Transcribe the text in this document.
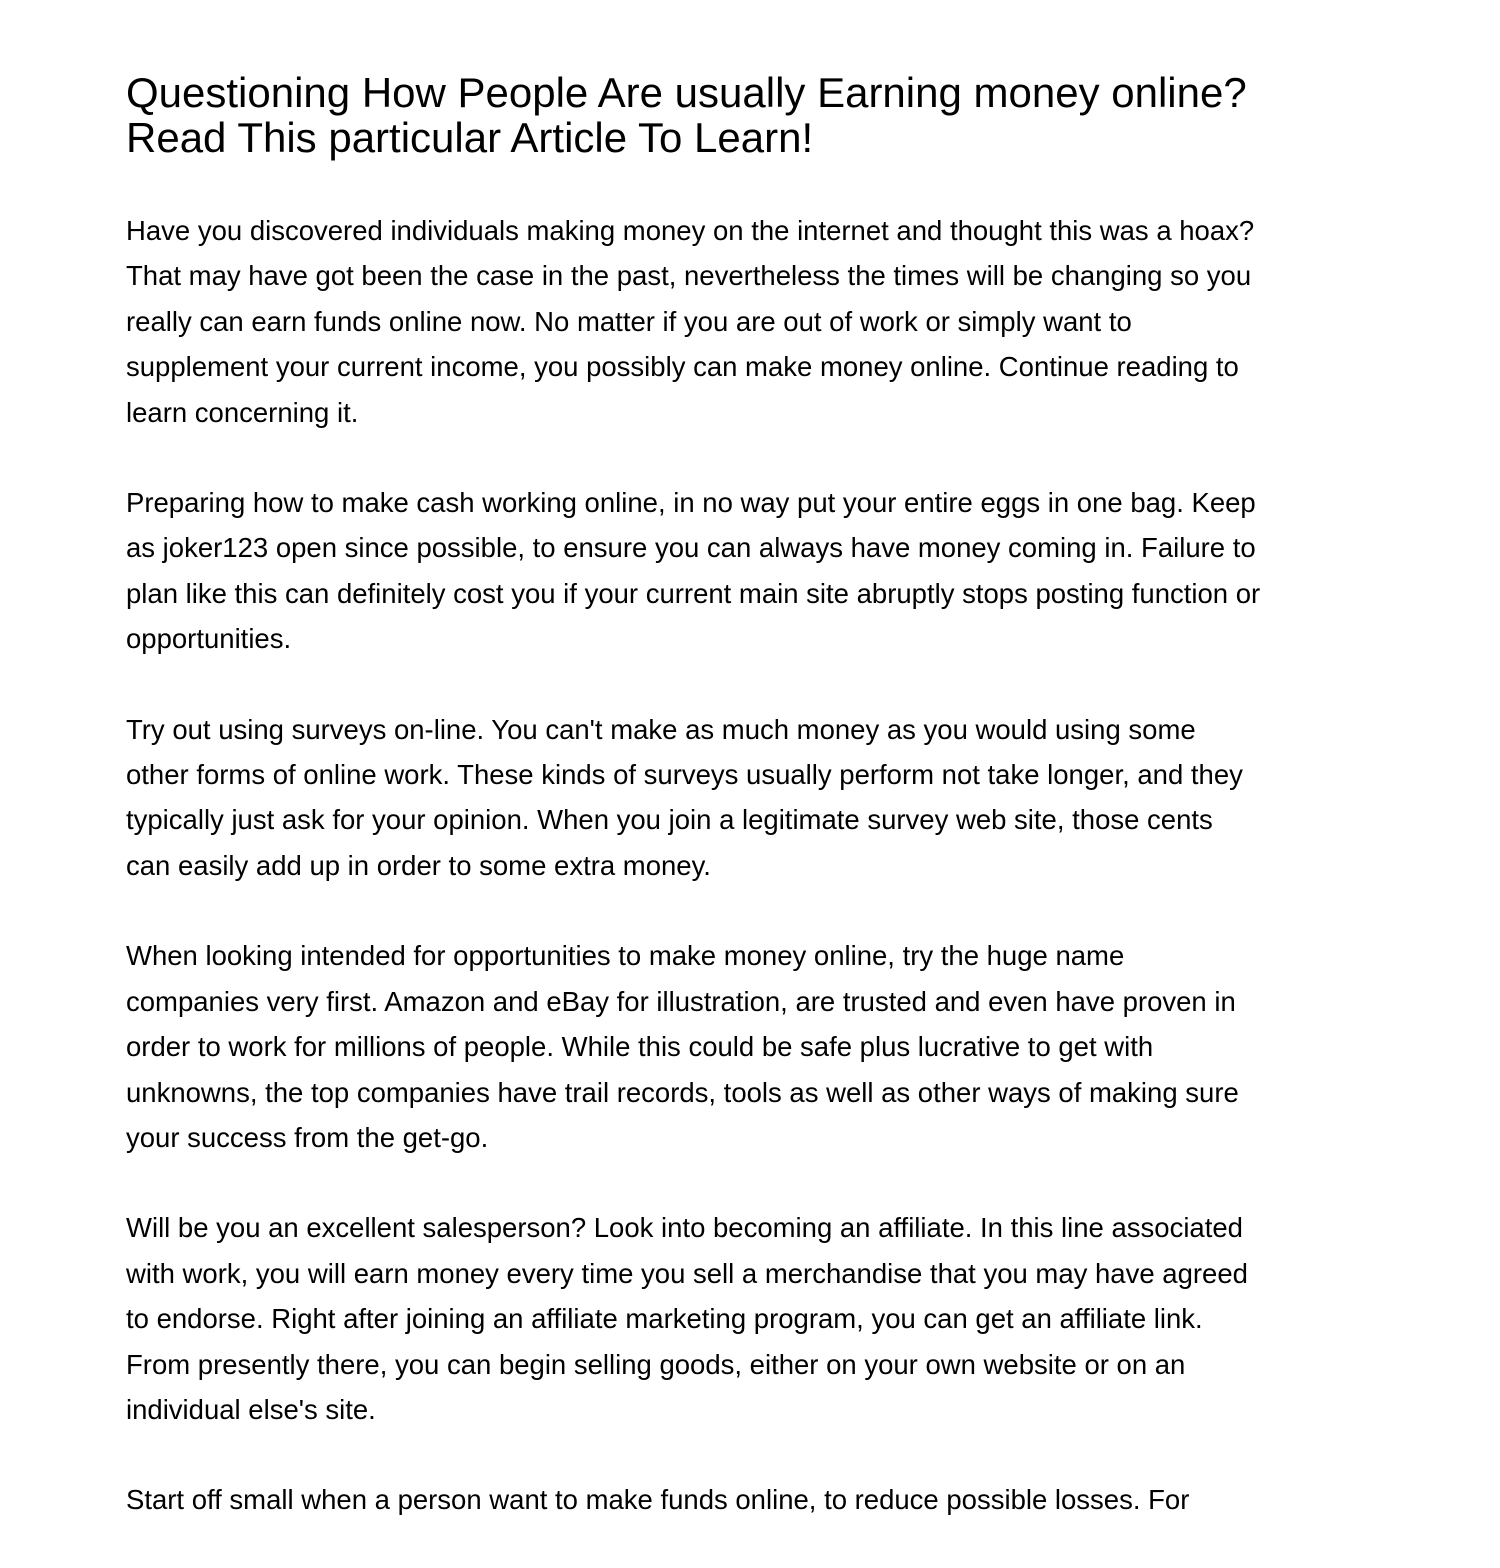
Questioning How People Are usually Earning money online?
Read This particular Article To Learn!

Have you discovered individuals making money on the internet and thought this was a hoax?
That may have got been the case in the past, nevertheless the times will be changing so you
really can earn funds online now. No matter if you are out of work or simply want to
supplement your current income, you possibly can make money online. Continue reading to
learn concerning it.

Preparing how to make cash working online, in no way put your entire eggs in one bag. Keep
as joker123 open since possible, to ensure you can always have money coming in. Failure to
plan like this can definitely cost you if your current main site abruptly stops posting function or
opportunities.

Try out using surveys on-line. You can't make as much money as you would using some
other forms of online work. These kinds of surveys usually perform not take longer, and they
typically just ask for your opinion. When you join a legitimate survey web site, those cents
can easily add up in order to some extra money.

When looking intended for opportunities to make money online, try the huge name
companies very first. Amazon and eBay for illustration, are trusted and even have proven in
order to work for millions of people. While this could be safe plus lucrative to get with
unknowns, the top companies have trail records, tools as well as other ways of making sure
your success from the get-go.

Will be you an excellent salesperson? Look into becoming an affiliate. In this line associated
with work, you will earn money every time you sell a merchandise that you may have agreed
to endorse. Right after joining an affiliate marketing program, you can get an affiliate link.
From presently there, you can begin selling goods, either on your own website or on an
individual else's site.

Start off small when a person want to make funds online, to reduce possible losses. For
